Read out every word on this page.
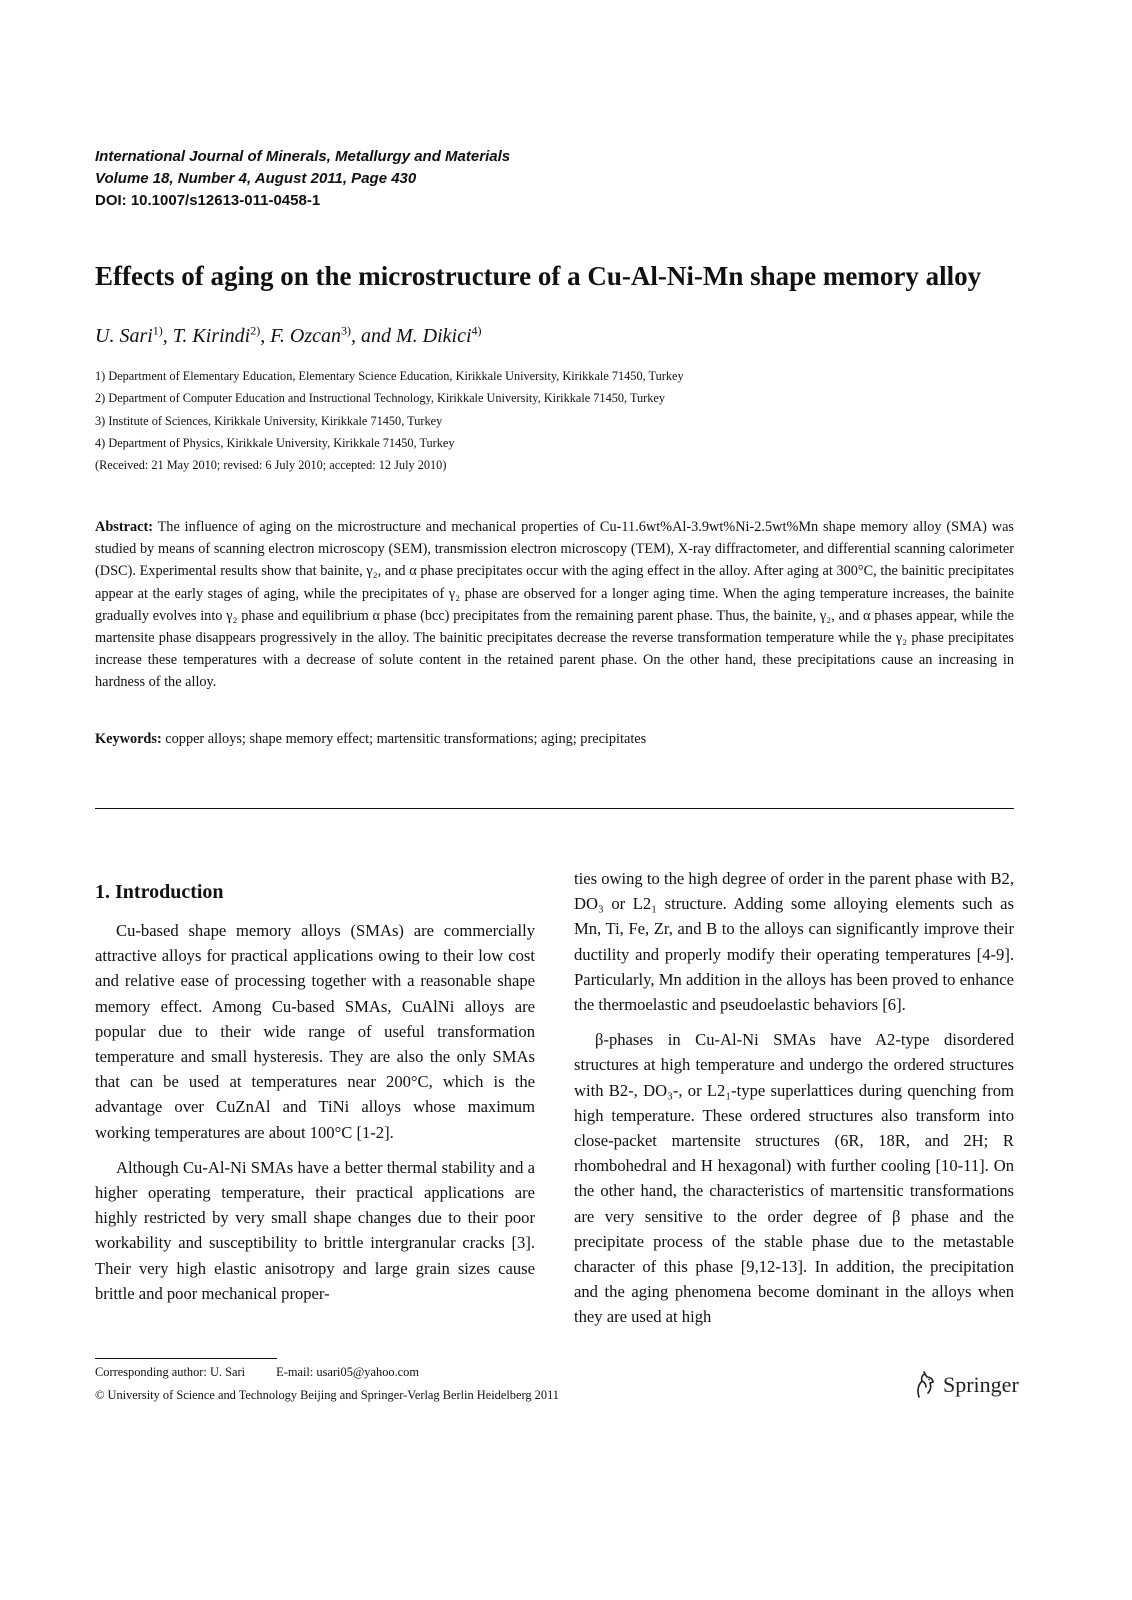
International Journal of Minerals, Metallurgy and Materials
Volume 18, Number 4, August 2011, Page 430
DOI: 10.1007/s12613-011-0458-1
Effects of aging on the microstructure of a Cu-Al-Ni-Mn shape memory alloy
U. Sari$^{1)}$, T. Kirindi$^{2)}$, F. Ozcan$^{3)}$, and M. Dikici$^{4)}$
1) Department of Elementary Education, Elementary Science Education, Kirikkale University, Kirikkale 71450, Turkey
2) Department of Computer Education and Instructional Technology, Kirikkale University, Kirikkale 71450, Turkey
3) Institute of Sciences, Kirikkale University, Kirikkale 71450, Turkey
4) Department of Physics, Kirikkale University, Kirikkale 71450, Turkey
(Received: 21 May 2010; revised: 6 July 2010; accepted: 12 July 2010)
Abstract: The influence of aging on the microstructure and mechanical properties of Cu-11.6wt%Al-3.9wt%Ni-2.5wt%Mn shape memory alloy (SMA) was studied by means of scanning electron microscopy (SEM), transmission electron microscopy (TEM), X-ray diffractometer, and differential scanning calorimeter (DSC). Experimental results show that bainite, γ₂, and α phase precipitates occur with the aging effect in the alloy. After aging at 300°C, the bainitic precipitates appear at the early stages of aging, while the precipitates of γ₂ phase are observed for a longer aging time. When the aging temperature increases, the bainite gradually evolves into γ₂ phase and equilibrium α phase (bcc) precipitates from the remaining parent phase. Thus, the bainite, γ₂, and α phases appear, while the martensite phase disappears progressively in the alloy. The bainitic precipitates decrease the reverse transformation temperature while the γ₂ phase precipitates increase these temperatures with a decrease of solute content in the retained parent phase. On the other hand, these precipitations cause an increasing in hardness of the alloy.
Keywords: copper alloys; shape memory effect; martensitic transformations; aging; precipitates

1. Introduction

Cu-based shape memory alloys (SMAs) are commercially attractive alloys for practical applications owing to their low cost and relative ease of processing together with a reasonable shape memory effect. Among Cu-based SMAs, CuAlNi alloys are popular due to their wide range of useful transformation temperature and small hysteresis. They are also the only SMAs that can be used at temperatures near 200°C, which is the advantage over CuZnAl and TiNi alloys whose maximum working temperatures are about 100°C [1-2].

Although Cu-Al-Ni SMAs have a better thermal stability and a higher operating temperature, their practical applications are highly restricted by very small shape changes due to their poor workability and susceptibility to brittle intergranular cracks [3]. Their very high elastic anisotropy and large grain sizes cause brittle and poor mechanical proper-

ties owing to the high degree of order in the parent phase with B2, DO₃ or L2₁ structure. Adding some alloying elements such as Mn, Ti, Fe, Zr, and B to the alloys can significantly improve their ductility and properly modify their operating temperatures [4-9]. Particularly, Mn addition in the alloys has been proved to enhance the thermoelastic and pseudoelastic behaviors [6].

β-phases in Cu-Al-Ni SMAs have A2-type disordered structures at high temperature and undergo the ordered structures with B2-, DO₃-, or L2₁-type superlattices during quenching from high temperature. These ordered structures also transform into close-packet martensite structures (6R, 18R, and 2H; R rhombohedral and H hexagonal) with further cooling [10-11]. On the other hand, the characteristics of martensitic transformations are very sensitive to the order degree of β phase and the precipitate process of the stable phase due to the metastable character of this phase [9,12-13]. In addition, the precipitation and the aging phenomena become dominant in the alloys when they are used at high

Corresponding author: U. Sari	E-mail: usari05@yahoo.com
© University of Science and Technology Beijing and Springer-Verlag Berlin Heidelberg 2011	Springer
